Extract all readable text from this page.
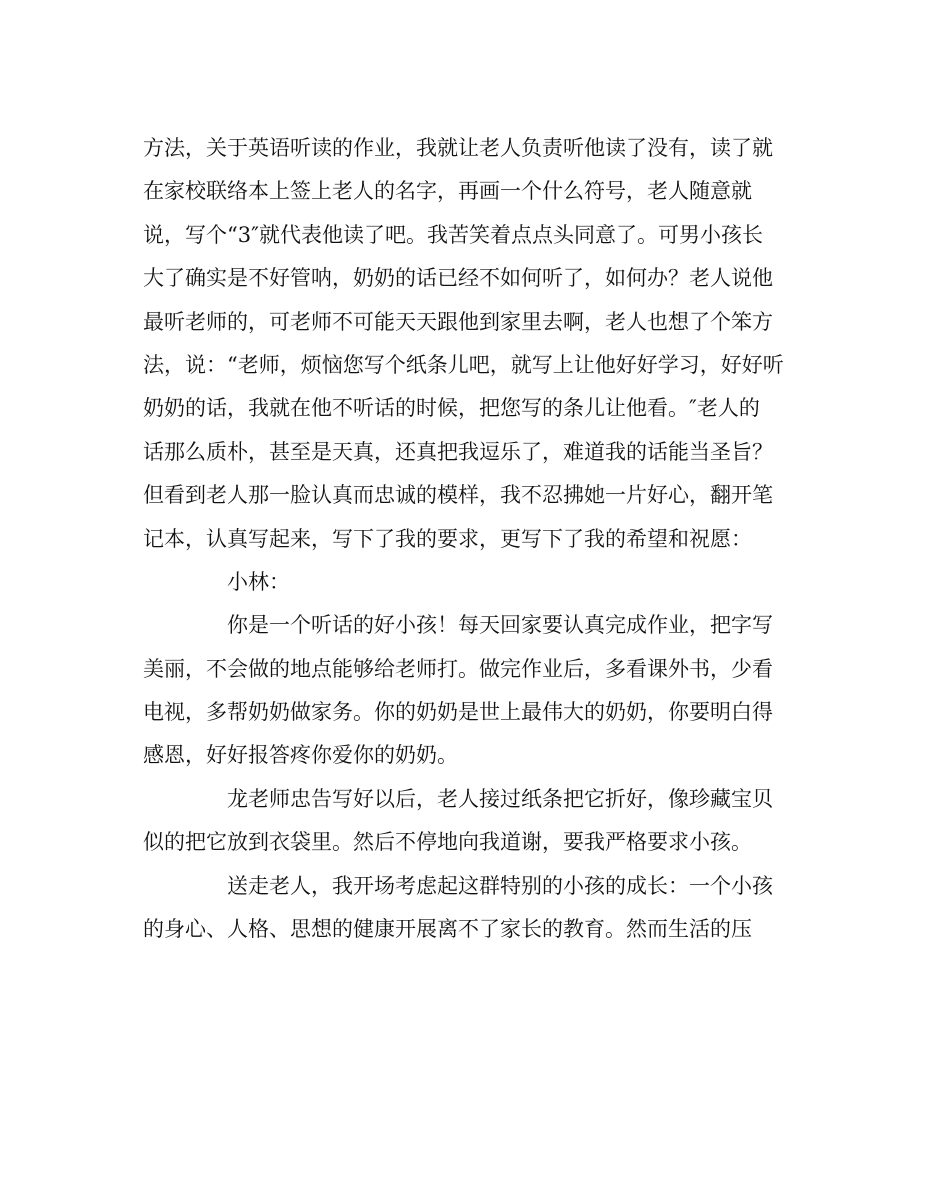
方法，关于英语听读的作业，我就让老人负责听他读了没有，读了就
在家校联络本上签上老人的名字，再画一个什么符号，老人随意就
说，写个“3″就代表他读了吧。我苦笑着点点头同意了。可男小孩长
大了确实是不好管呐，奶奶的话已经不如何听了，如何办？老人说他
最听老师的，可老师不可能天天跟他到家里去啊，老人也想了个笨方
法，说：“老师，烦恼您写个纸条儿吧，就写上让他好好学习，好好听
奶奶的话，我就在他不听话的时候，把您写的条儿让他看。″老人的
话那么质朴，甚至是天真，还真把我逗乐了，难道我的话能当圣旨？
但看到老人那一脸认真而忠诚的模样，我不忍拂她一片好心，翻开笔
记本，认真写起来，写下了我的要求，更写下了我的希望和祝愿：
小林：
你是一个听话的好小孩！每天回家要认真完成作业，把字写
美丽，不会做的地点能够给老师打。做完作业后，多看课外书，少看
电视，多帮奶奶做家务。你的奶奶是世上最伟大的奶奶，你要明白得
感恩，好好报答疼你爱你的奶奶。
龙老师忠告写好以后，老人接过纸条把它折好，像珍藏宝贝
似的把它放到衣袋里。然后不停地向我道谢，要我严格要求小孩。
送走老人，我开场考虑起这群特别的小孩的成长：一个小孩
的身心、人格、思想的健康开展离不了家长的教育。然而生活的压
